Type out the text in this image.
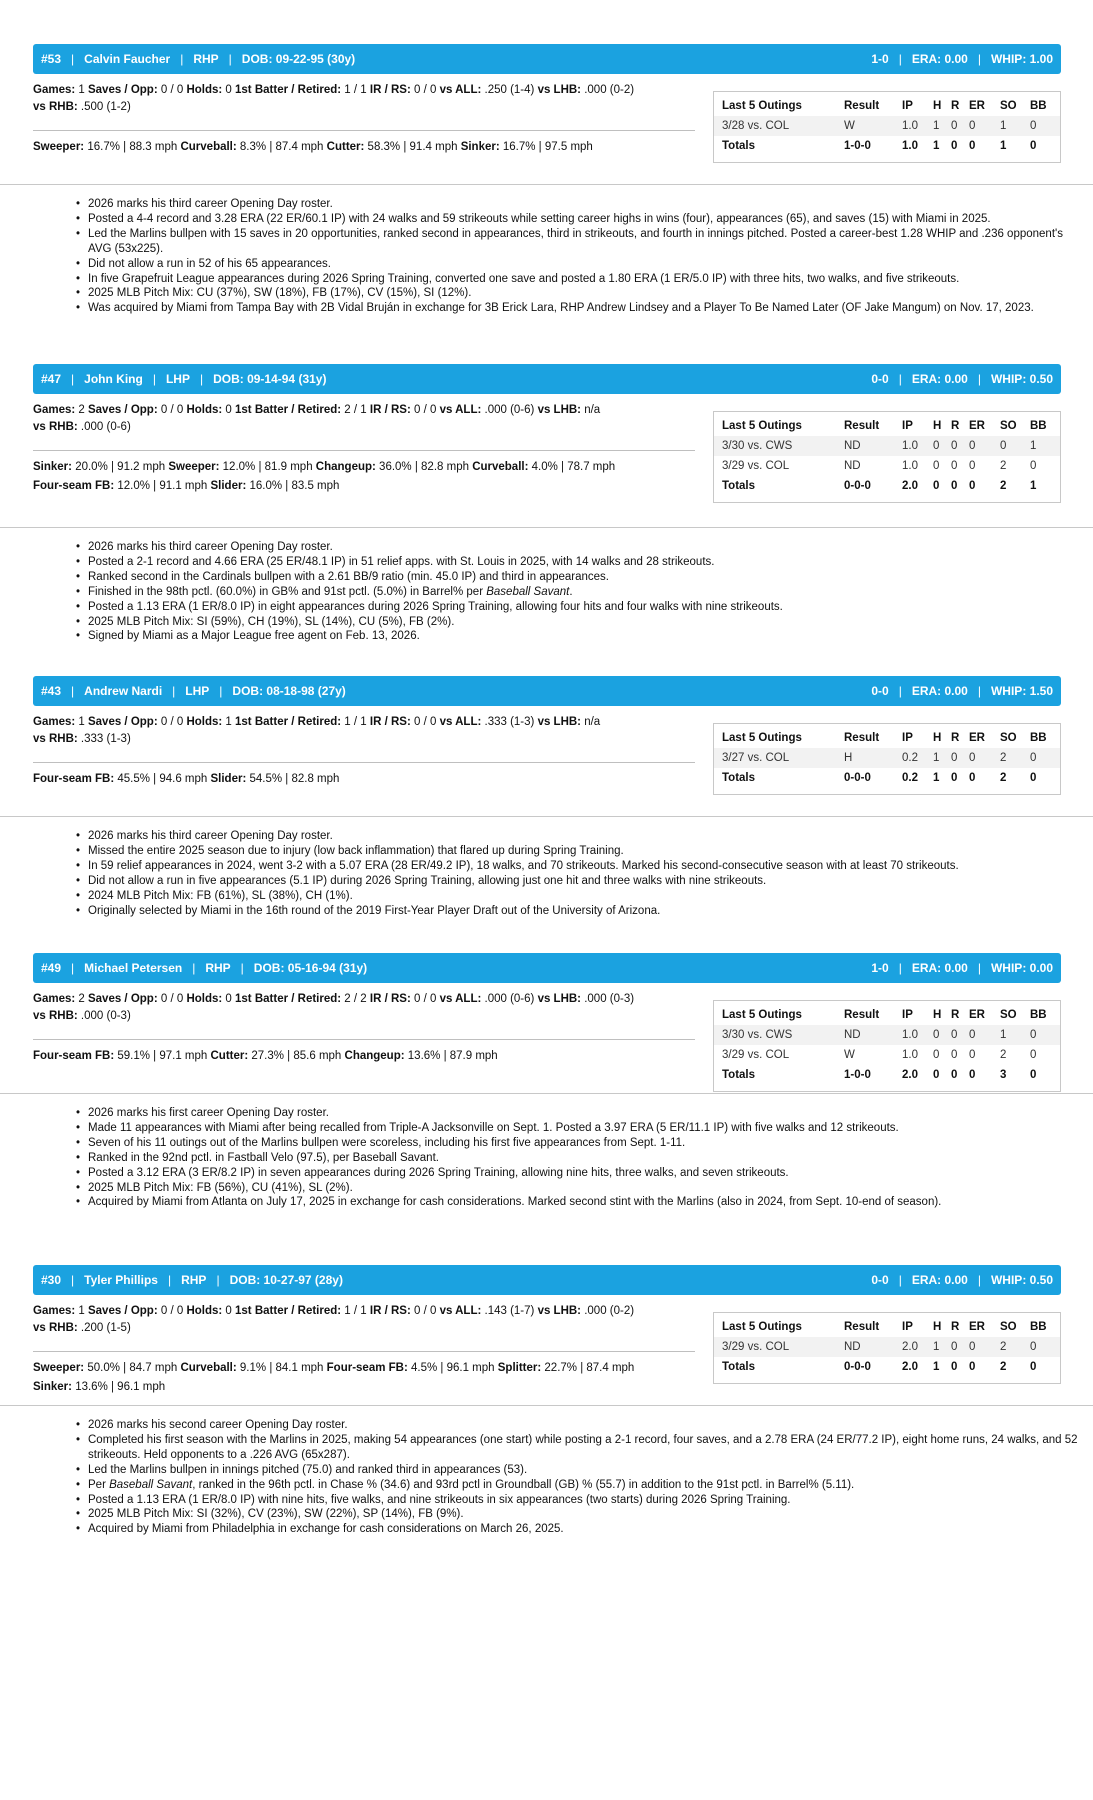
#53 | Calvin Faucher | RHP | DOB: 09-22-95 (30y)	1-0 | ERA: 0.00 | WHIP: 1.00
Games: 1 Saves / Opp: 0 / 0 Holds: 0 1st Batter / Retired: 1 / 1 IR / RS: 0 / 0 vs ALL: .250 (1-4) vs LHB: .000 (0-2)
vs RHB: .500 (1-2)
Sweeper: 16.7% | 88.3 mph Curveball: 8.3% | 87.4 mph Cutter: 58.3% | 91.4 mph Sinker: 16.7% | 97.5 mph
Last 5 Outings	Result IP H R ER SO BB
3/28 vs. COL	W	1.0 1 0 0 1 0
Totals	1-0-0	1.0 1 0 0 1 0
• 2026 marks his third career Opening Day roster.
• Posted a 4-4 record and 3.28 ERA (22 ER/60.1 IP) with 24 walks and 59 strikeouts while setting career highs in wins (four), appearances (65), and saves (15) with Miami in 2025.
• Led the Marlins bullpen with 15 saves in 20 opportunities, ranked second in appearances, third in strikeouts, and fourth in innings pitched. Posted a career-best 1.28 WHIP and .236 opponent's AVG (53x225).
• Did not allow a run in 52 of his 65 appearances.
• In five Grapefruit League appearances during 2026 Spring Training, converted one save and posted a 1.80 ERA (1 ER/5.0 IP) with three hits, two walks, and five strikeouts.
• 2025 MLB Pitch Mix: CU (37%), SW (18%), FB (17%), CV (15%), SI (12%).
• Was acquired by Miami from Tampa Bay with 2B Vidal Bruján in exchange for 3B Erick Lara, RHP Andrew Lindsey and a Player To Be Named Later (OF Jake Mangum) on Nov. 17, 2023.
#47 | John King | LHP | DOB: 09-14-94 (31y)	0-0 | ERA: 0.00 | WHIP: 0.50
Games: 2 Saves / Opp: 0 / 0 Holds: 0 1st Batter / Retired: 2 / 1 IR / RS: 0 / 0 vs ALL: .000 (0-6) vs LHB: n/a
vs RHB: .000 (0-6)
Sinker: 20.0% | 91.2 mph Sweeper: 12.0% | 81.9 mph Changeup: 36.0% | 82.8 mph Curveball: 4.0% | 78.7 mph
Four-seam FB: 12.0% | 91.1 mph Slider: 16.0% | 83.5 mph
Last 5 Outings	Result IP H R ER SO BB
3/30 vs. CWS	ND	1.0 0 0 0 0 1
3/29 vs. COL	ND	1.0 0 0 0 2 0
Totals	0-0-0	2.0 0 0 0 2 1
• 2026 marks his third career Opening Day roster.
• Posted a 2-1 record and 4.66 ERA (25 ER/48.1 IP) in 51 relief apps. with St. Louis in 2025, with 14 walks and 28 strikeouts.
• Ranked second in the Cardinals bullpen with a 2.61 BB/9 ratio (min. 45.0 IP) and third in appearances.
• Finished in the 98th pctl. (60.0%) in GB% and 91st pctl. (5.0%) in Barrel% per Baseball Savant.
• Posted a 1.13 ERA (1 ER/8.0 IP) in eight appearances during 2026 Spring Training, allowing four hits and four walks with nine strikeouts.
• 2025 MLB Pitch Mix: SI (59%), CH (19%), SL (14%), CU (5%), FB (2%).
• Signed by Miami as a Major League free agent on Feb. 13, 2026.
#43 | Andrew Nardi | LHP | DOB: 08-18-98 (27y)	0-0 | ERA: 0.00 | WHIP: 1.50
Games: 1 Saves / Opp: 0 / 0 Holds: 1 1st Batter / Retired: 1 / 1 IR / RS: 0 / 0 vs ALL: .333 (1-3) vs LHB: n/a
vs RHB: .333 (1-3)
Four-seam FB: 45.5% | 94.6 mph Slider: 54.5% | 82.8 mph
Last 5 Outings	Result IP H R ER SO BB
3/27 vs. COL	H	0.2 1 0 0 2 0
Totals	0-0-0	0.2 1 0 0 2 0
• 2026 marks his third career Opening Day roster.
• Missed the entire 2025 season due to injury (low back inflammation) that flared up during Spring Training.
• In 59 relief appearances in 2024, went 3-2 with a 5.07 ERA (28 ER/49.2 IP), 18 walks, and 70 strikeouts. Marked his second-consecutive season with at least 70 strikeouts.
• Did not allow a run in five appearances (5.1 IP) during 2026 Spring Training, allowing just one hit and three walks with nine strikeouts.
• 2024 MLB Pitch Mix: FB (61%), SL (38%), CH (1%).
• Originally selected by Miami in the 16th round of the 2019 First-Year Player Draft out of the University of Arizona.
#49 | Michael Petersen | RHP | DOB: 05-16-94 (31y)	1-0 | ERA: 0.00 | WHIP: 0.00
Games: 2 Saves / Opp: 0 / 0 Holds: 0 1st Batter / Retired: 2 / 2 IR / RS: 0 / 0 vs ALL: .000 (0-6) vs LHB: .000 (0-3)
vs RHB: .000 (0-3)
Four-seam FB: 59.1% | 97.1 mph Cutter: 27.3% | 85.6 mph Changeup: 13.6% | 87.9 mph
Last 5 Outings	Result IP H R ER SO BB
3/30 vs. CWS	ND	1.0 0 0 0 1 0
3/29 vs. COL	W	1.0 0 0 0 2 0
Totals	1-0-0	2.0 0 0 0 3 0
• 2026 marks his first career Opening Day roster.
• Made 11 appearances with Miami after being recalled from Triple-A Jacksonville on Sept. 1. Posted a 3.97 ERA (5 ER/11.1 IP) with five walks and 12 strikeouts.
• Seven of his 11 outings out of the Marlins bullpen were scoreless, including his first five appearances from Sept. 1-11.
• Ranked in the 92nd pctl. in Fastball Velo (97.5), per Baseball Savant.
• Posted a 3.12 ERA (3 ER/8.2 IP) in seven appearances during 2026 Spring Training, allowing nine hits, three walks, and seven strikeouts.
• 2025 MLB Pitch Mix: FB (56%), CU (41%), SL (2%).
• Acquired by Miami from Atlanta on July 17, 2025 in exchange for cash considerations. Marked second stint with the Marlins (also in 2024, from Sept. 10-end of season).
#30 | Tyler Phillips | RHP | DOB: 10-27-97 (28y)	0-0 | ERA: 0.00 | WHIP: 0.50
Games: 1 Saves / Opp: 0 / 0 Holds: 0 1st Batter / Retired: 1 / 1 IR / RS: 0 / 0 vs ALL: .143 (1-7) vs LHB: .000 (0-2)
vs RHB: .200 (1-5)
Sweeper: 50.0% | 84.7 mph Curveball: 9.1% | 84.1 mph Four-seam FB: 4.5% | 96.1 mph Splitter: 22.7% | 87.4 mph
Sinker: 13.6% | 96.1 mph
Last 5 Outings	Result IP H R ER SO BB
3/29 vs. COL	ND	2.0 1 0 0 2 0
Totals	0-0-0	2.0 1 0 0 2 0
• 2026 marks his second career Opening Day roster.
• Completed his first season with the Marlins in 2025, making 54 appearances (one start) while posting a 2-1 record, four saves, and a 2.78 ERA (24 ER/77.2 IP), eight home runs, 24 walks, and 52 strikeouts. Held opponents to a .226 AVG (65x287).
• Led the Marlins bullpen in innings pitched (75.0) and ranked third in appearances (53).
• Per Baseball Savant, ranked in the 96th pctl. in Chase % (34.6) and 93rd pctl in Groundball (GB) % (55.7) in addition to the 91st pctl. in Barrel% (5.11).
• Posted a 1.13 ERA (1 ER/8.0 IP) with nine hits, five walks, and nine strikeouts in six appearances (two starts) during 2026 Spring Training.
• 2025 MLB Pitch Mix: SI (32%), CV (23%), SW (22%), SP (14%), FB (9%).
• Acquired by Miami from Philadelphia in exchange for cash considerations on March 26, 2025.
